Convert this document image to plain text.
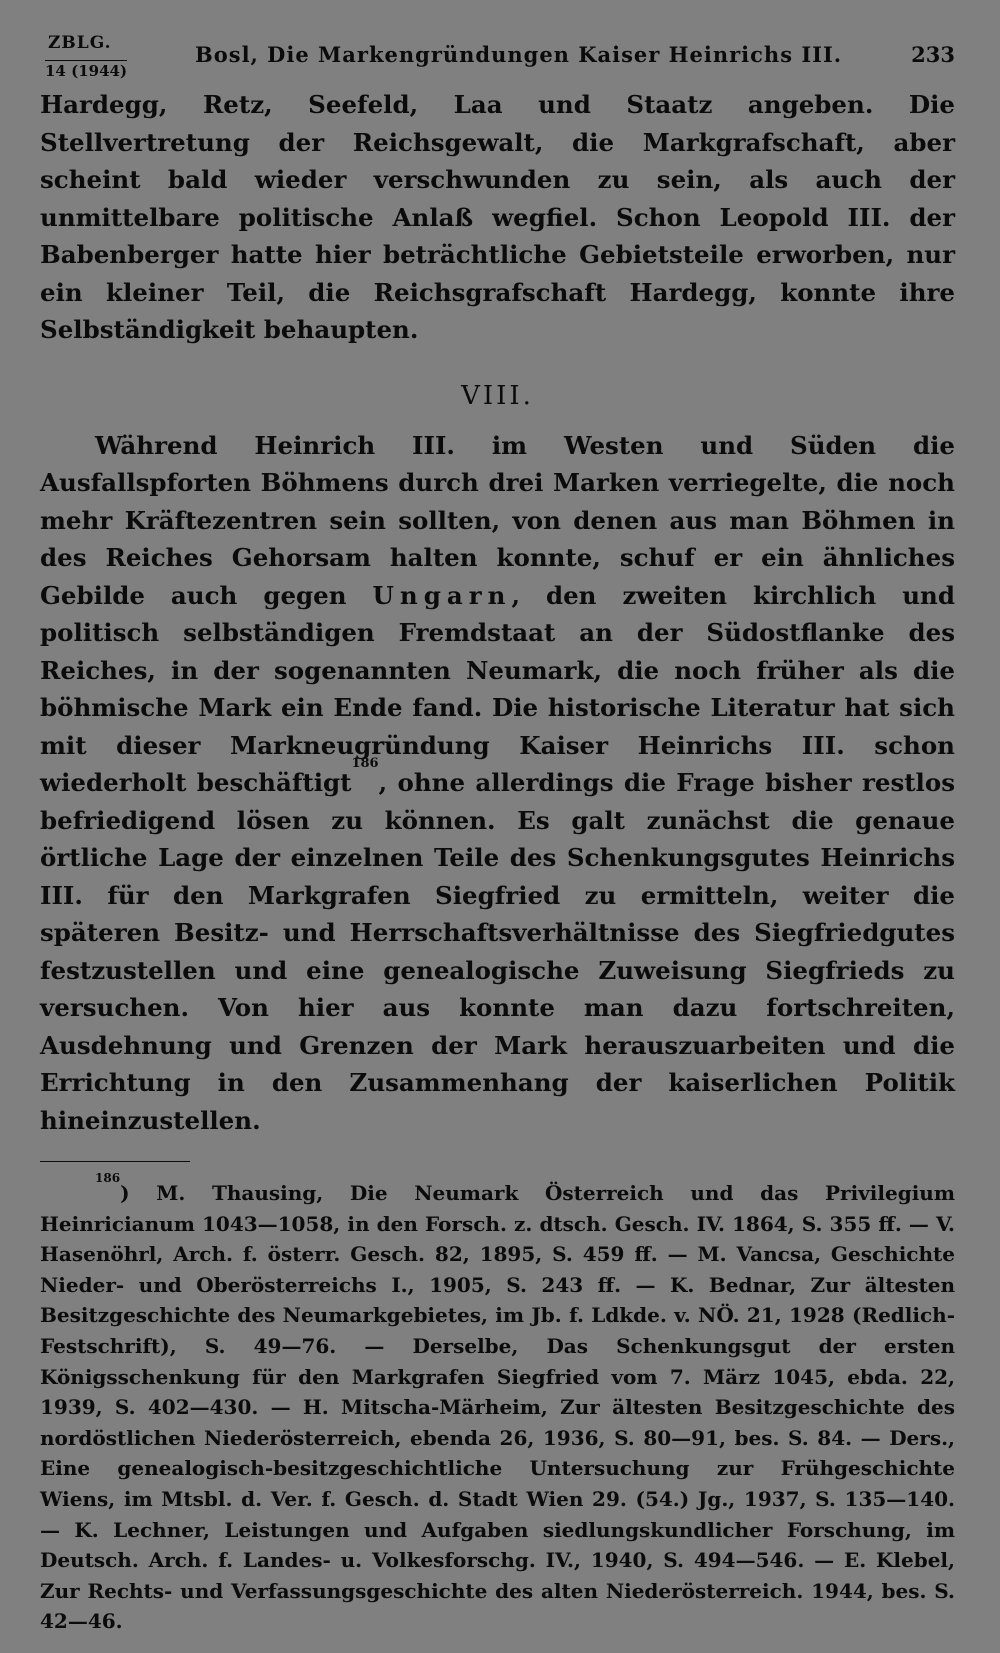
ZBLG.
14 (1944)
Bosl, Die Markengründungen Kaiser Heinrichs III.	233

Hardegg, Retz, Seefeld, Laa und Staatz angeben. Die Stellvertretung der Reichsgewalt, die Markgrafschaft, aber scheint bald wieder verschwunden zu sein, als auch der unmittelbare politische Anlaß wegfiel. Schon Leopold III. der Babenberger hatte hier beträchtliche Gebietsteile erworben, nur ein kleiner Teil, die Reichsgrafschaft Hardegg, konnte ihre Selbständigkeit behaupten.

VIII.

Während Heinrich III. im Westen und Süden die Ausfallspforten Böhmens durch drei Marken verriegelte, die noch mehr Kräftezentren sein sollten, von denen aus man Böhmen in des Reiches Gehorsam halten konnte, schuf er ein ähnliches Gebilde auch gegen Ungarn, den zweiten kirchlich und politisch selbständigen Fremdstaat an der Südostflanke des Reiches, in der sogenannten Neumark, die noch früher als die böhmische Mark ein Ende fand. Die historische Literatur hat sich mit dieser Markneugründung Kaiser Heinrichs III. schon wiederholt beschäftigt$^{186}$, ohne allerdings die Frage bisher restlos befriedigend lösen zu können. Es galt zunächst die genaue örtliche Lage der einzelnen Teile des Schenkungsgutes Heinrichs III. für den Markgrafen Siegfried zu ermitteln, weiter die späteren Besitz- und Herrschaftsverhältnisse des Siegfriedgutes festzustellen und eine genealogische Zuweisung Siegfrieds zu versuchen. Von hier aus konnte man dazu fortschreiten, Ausdehnung und Grenzen der Mark herauszuarbeiten und die Errichtung in den Zusammenhang der kaiserlichen Politik hineinzustellen.

$^{186}$) M. Thausing, Die Neumark Österreich und das Privilegium Heinricianum 1043—1058, in den Forsch. z. dtsch. Gesch. IV. 1864, S. 355 ff. — V. Hasenöhrl, Arch. f. österr. Gesch. 82, 1895, S. 459 ff. — M. Vancsa, Geschichte Nieder- und Oberösterreichs I., 1905, S. 243 ff. — K. Bednar, Zur ältesten Besitzgeschichte des Neumarkgebietes, im Jb. f. Ldkde. v. NÖ. 21, 1928 (Redlich-Festschrift), S. 49—76. — Derselbe, Das Schenkungsgut der ersten Königsschenkung für den Markgrafen Siegfried vom 7. März 1045, ebda. 22, 1939, S. 402—430. — H. Mitscha-Märheim, Zur ältesten Besitzgeschichte des nordöstlichen Niederösterreich, ebenda 26, 1936, S. 80—91, bes. S. 84. — Ders., Eine genealogisch-besitzgeschichtliche Untersuchung zur Frühgeschichte Wiens, im Mtsbl. d. Ver. f. Gesch. d. Stadt Wien 29. (54.) Jg., 1937, S. 135—140. — K. Lechner, Leistungen und Aufgaben siedlungskundlicher Forschung, im Deutsch. Arch. f. Landes- u. Volkesforschg. IV., 1940, S. 494—546. — E. Klebel, Zur Rechts- und Verfassungsgeschichte des alten Niederösterreich. 1944, bes. S. 42—46.
